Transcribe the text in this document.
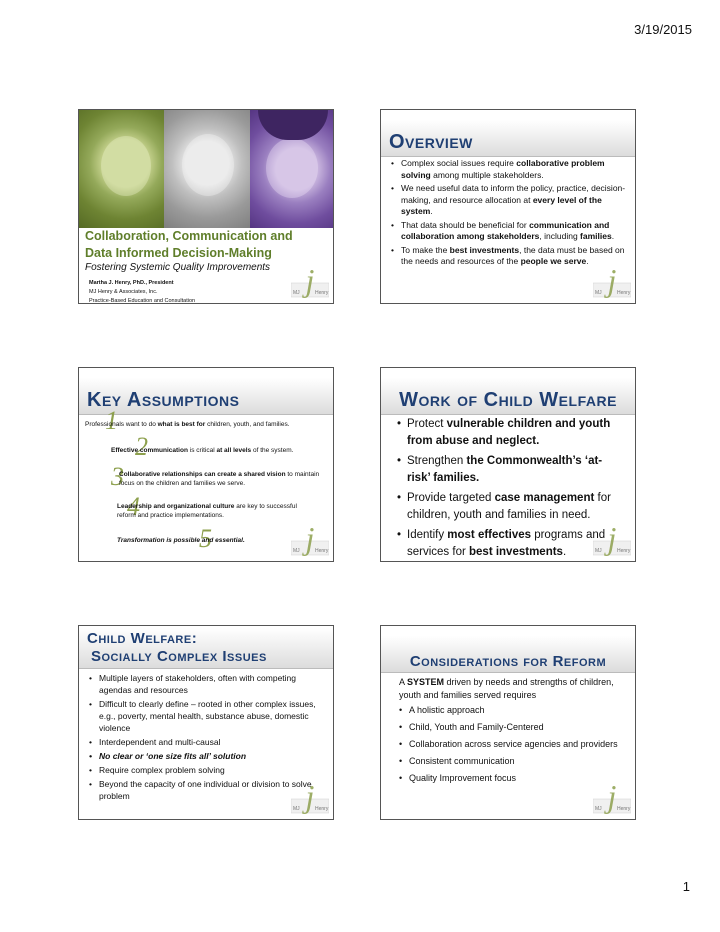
3/19/2015
Collaboration, Communication and
Data Informed Decision-Making
Fostering Systemic Quality Improvements
Martha J. Henry, PhD., President
MJ Henry & Associates, Inc.
Practice-Based Education and Consultation
j
MJ	Henry
Overview
• Complex social issues require collaborative problem solving among multiple stakeholders.
• We need useful data to inform the policy, practice, decision-making, and resource allocation at every level of the system.
• That data should be beneficial for communication and collaboration among stakeholders, including families.
• To make the best investments, the data must be based on the needs and resources of the people we serve.
j
MJ	Henry
Key Assumptions
1
Professionals want to do what is best for children, youth, and families.
2
Effective communication is critical at all levels of the system.
3
Collaborative relationships can create a shared vision to maintain focus on the children and families we serve.
4
Leadership and organizational culture are key to successful reform and practice implementations.
5
Transformation is possible and essential.	j
MJ	Henry
Work of Child Welfare
• Protect vulnerable children and youth from abuse and neglect.
• Strengthen the Commonwealth’s ‘at-risk’ families.
• Provide targeted case management for children, youth and families in need.
• Identify most effectives programs and services for best investments.	j
MJ	Henry
Child Welfare:
Socially Complex Issues
• Multiple layers of stakeholders, often with competing agendas and resources
• Difficult to clearly define – rooted in other complex issues, e.g., poverty, mental health, substance abuse, domestic violence
• Interdependent and multi-causal
• No clear or ‘one size fits all’ solution
• Require complex problem solving
• Beyond the capacity of one individual or division to solve problem	j
MJ	Henry
Considerations for Reform
A SYSTEM driven by needs and strengths of children, youth and families served requires
• A holistic approach
• Child, Youth and Family-Centered
• Collaboration across service agencies and providers
• Consistent communication
• Quality Improvement focus	j
MJ	Henry
1
